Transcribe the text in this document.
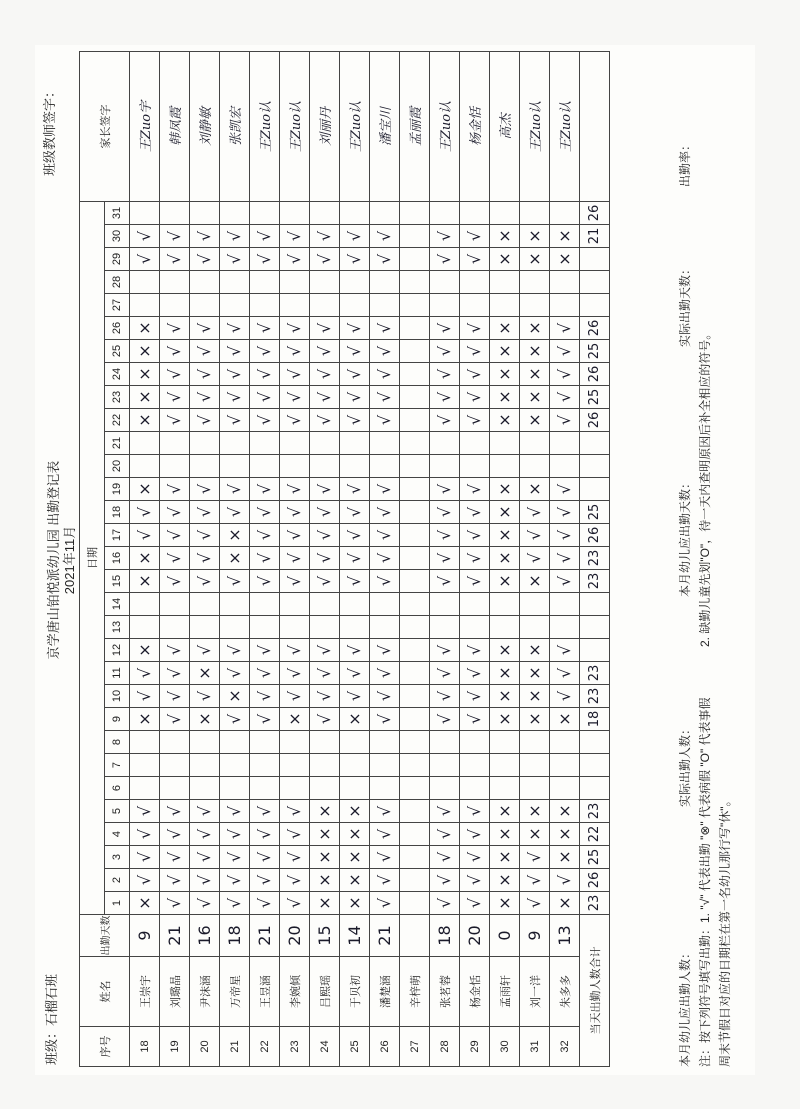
班级：石榴石班
班级教师签字：
京学唐山铂悦派幼儿园 出勤登记表 2021年11月
序号	姓名	出勤天数	日期																															家长签字
			1	2	3	4	5	6	7	8	9	10	11	12	13	14	15	16	17	18	19	20	21	22	23	24	25	26	27	28	29	30	31	
18	王崇宇	9	×	√	√	√	√				×	√	√	×			×	×	√	√	×			×	×	×	×	×			√	√		王Zuo宇
19	刘璐晶	21	√	√	√	√	√				√	√	√	√			√	√	√	√	√			√	√	√	√	√			√	√		韩凤霞
20	尹沫涵	16	√	√	√	√	√				×	√	×	√			√	√	√	√	√			√	√	√	√	√			√	√		刘静敏
21	万帝星	18	√	√	√	√	√				√	×	√	√			√	×	×	√	√			√	√	√	√	√			√	√		张凯宏
22	王昱涵	21	√	√	√	√	√				√	√	√	√			√	√	√	√	√			√	√	√	√	√			√	√		王Zuo认
23	李婉倾	20	√	√	√	√	√				×	√	√	√			√	√	√	√	√			√	√	√	√	√			√	√		王Zuo认
24	吕熙瑶	15	×	×	×	×	×				√	√	√	√			√	√	√	√	√			√	√	√	√	√			√	√		刘丽丹
25	于贝初	14	×	×	×	×	×				×	√	√	√			√	√	√	√	√			√	√	√	√	√			√	√		王Zuo认
26	潘楚涵	21	√	√	√	√	√				√	√	√	√			√	√	√	√	√			√	√	√	√	√			√	√		潘宝川
27	辛梓萌																																	孟丽霞
28	张茗蓉	18	√	√	√	√	√				√	√	√	√			√	√	√	√	√			√	√	√	√	√			√	√		王Zuo认
29	杨金恬	20	√	√	√	√	√				√	√	√	√			√	√	√	√	√			√	√	√	√	√			√	√		杨金恬
30	孟雨轩	0	×	×	×	×	×				×	×	×	×			×	×	×	×	×			×	×	×	×	×			×	×		高杰
31	刘一洋	9	√	√	√	×	×				×	×	×	×			×	√	√	√	×			×	×	×	×	×			×	×		王Zuo认
32	朱多多	13	×	√	×	×	×				×	√	√	√			√	√	√	√	√			√	√	√	√	√			×	×		王Zuo认
当天出勤人数合计			23	26	25	22	23				18	23	23				23	23	26	25				26	25	26	25	26				21	26	
本月幼儿应出勤人数：
实际出勤人数：
本月幼儿应出勤天数：
实际出勤天数：
出勤率：
注：按下列符号填写出勤：1. "√" 代表出勤 "⊗" 代表病假 "O" 代表事假
2. 缺勤儿童先划"O"，待一天内查明原因后补全相应的符号。
周末节假日对应的日期栏在第一名幼儿那行写"休"。
